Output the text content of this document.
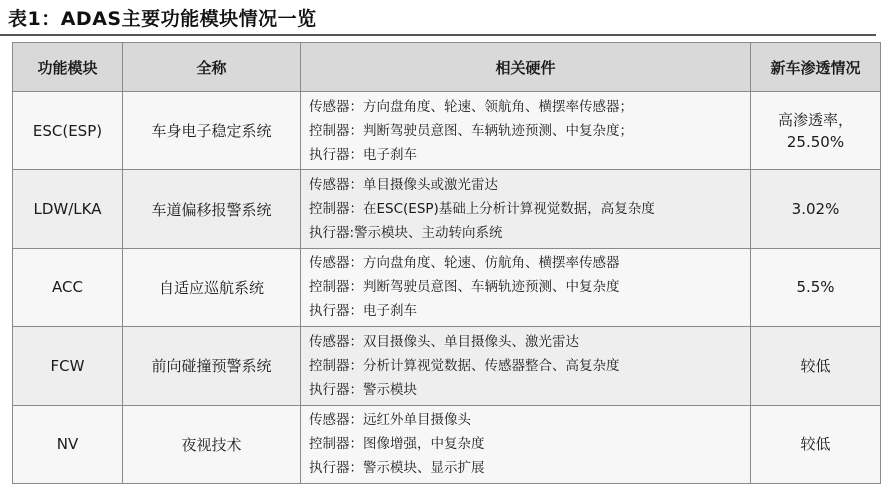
表1：ADAS主要功能模块情况一览
功能模块	全称	相关硬件	新车渗透情况
ESC(ESP)	车身电子稳定系统	传感器：方向盘角度、轮速、领航角、横摆率传感器；
控制器：判断驾驶员意图、车辆轨迹预测、中复杂度；
执行器：电子刹车	高渗透率，
25.50%

LDW/LKA	车道偏移报警系统	传感器：单目摄像头或激光雷达
控制器：在ESC(ESP)基础上分析计算视觉数据，高复杂度
执行器:警示模块、主动转向系统	3.02%

ACC	自适应巡航系统	传感器：方向盘角度、轮速、仿航角、横摆率传感器
控制器：判断驾驶员意图、车辆轨迹预测、中复杂度
执行器：电子刹车	5.5%

FCW	前向碰撞预警系统	传感器：双目摄像头、单目摄像头、激光雷达
控制器：分析计算视觉数据、传感器整合、高复杂度
执行器：警示模块	较低

NV	夜视技术	传感器：远红外单目摄像头
控制器：图像增强，中复杂度
执行器：警示模块、显示扩展	较低
